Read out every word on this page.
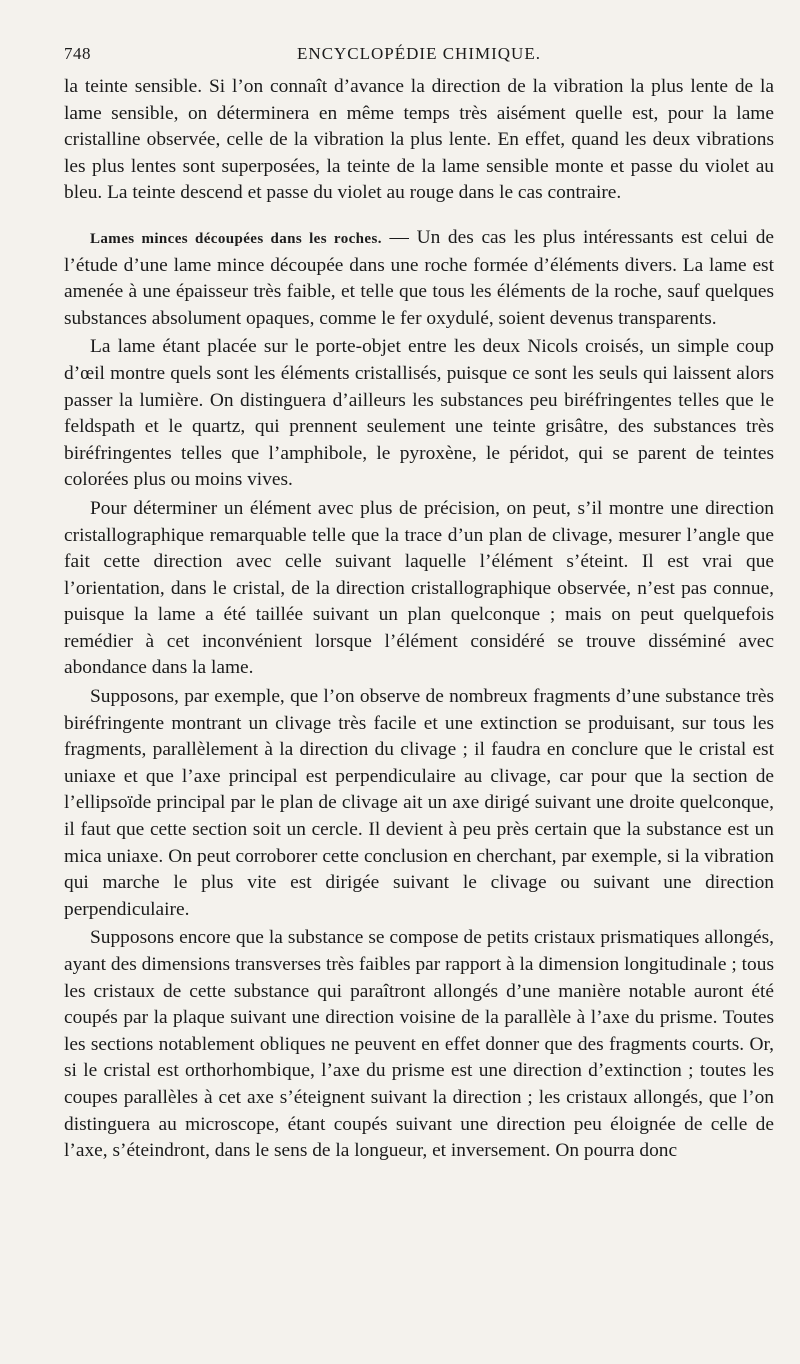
748	ENCYCLOPÉDIE CHIMIQUE.

la teinte sensible. Si l’on connaît d’avance la direction de la vibration la plus lente de la lame sensible, on déterminera en même temps très aisément quelle est, pour la lame cristalline observée, celle de la vibration la plus lente. En effet, quand les deux vibrations les plus lentes sont superposées, la teinte de la lame sensible monte et passe du violet au bleu. La teinte descend et passe du violet au rouge dans le cas contraire.

Lames minces découpées dans les roches. — Un des cas les plus intéressants est celui de l’étude d’une lame mince découpée dans une roche formée d’éléments divers. La lame est amenée à une épaisseur très faible, et telle que tous les éléments de la roche, sauf quelques substances absolument opaques, comme le fer oxydulé, soient devenus transparents.

La lame étant placée sur le porte-objet entre les deux Nicols croisés, un simple coup d’œil montre quels sont les éléments cristallisés, puisque ce sont les seuls qui laissent alors passer la lumière. On distinguera d’ailleurs les substances peu biréfringentes telles que le feldspath et le quartz, qui prennent seulement une teinte grisâtre, des substances très biréfringentes telles que l’amphibole, le pyroxène, le péridot, qui se parent de teintes colorées plus ou moins vives.

Pour déterminer un élément avec plus de précision, on peut, s’il montre une direction cristallographique remarquable telle que la trace d’un plan de clivage, mesurer l’angle que fait cette direction avec celle suivant laquelle l’élément s’éteint. Il est vrai que l’orientation, dans le cristal, de la direction cristallographique observée, n’est pas connue, puisque la lame a été taillée suivant un plan quelconque ; mais on peut quelquefois remédier à cet inconvénient lorsque l’élément considéré se trouve disséminé avec abondance dans la lame.

Supposons, par exemple, que l’on observe de nombreux fragments d’une substance très biréfringente montrant un clivage très facile et une extinction se produisant, sur tous les fragments, parallèlement à la direction du clivage ; il faudra en conclure que le cristal est uniaxe et que l’axe principal est perpendiculaire au clivage, car pour que la section de l’ellipsoïde principal par le plan de clivage ait un axe dirigé suivant une droite quelconque, il faut que cette section soit un cercle. Il devient à peu près certain que la substance est un mica uniaxe. On peut corroborer cette conclusion en cherchant, par exemple, si la vibration qui marche le plus vite est dirigée suivant le clivage ou suivant une direction perpendiculaire.

Supposons encore que la substance se compose de petits cristaux prismatiques allongés, ayant des dimensions transverses très faibles par rapport à la dimension longitudinale ; tous les cristaux de cette substance qui paraîtront allongés d’une manière notable auront été coupés par la plaque suivant une direction voisine de la parallèle à l’axe du prisme. Toutes les sections notablement obliques ne peuvent en effet donner que des fragments courts. Or, si le cristal est orthorhombique, l’axe du prisme est une direction d’extinction ; toutes les coupes parallèles à cet axe s’éteignent suivant la direction ; les cristaux allongés, que l’on distinguera au microscope, étant coupés suivant une direction peu éloignée de celle de l’axe, s’éteindront, dans le sens de la longueur, et inversement. On pourra donc
